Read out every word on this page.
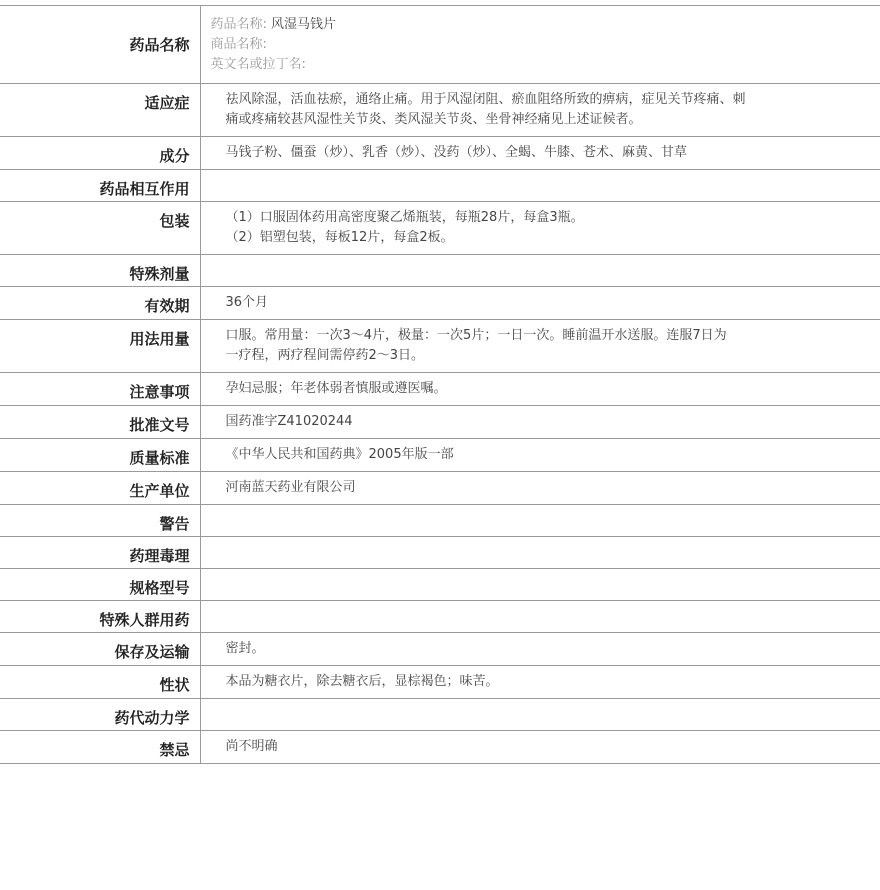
药品名称	药品名称: 风湿马钱片
商品名称:
英文名或拉丁名:

适应症	祛风除湿，活血祛瘀，通络止痛。用于风湿闭阻、瘀血阻络所致的痹病，症见关节疼痛、刺
痛或疼痛较甚风湿性关节炎、类风湿关节炎、坐骨神经痛见上述证候者。

成分	马钱子粉、僵蚕（炒）、乳香（炒）、没药（炒）、全蝎、牛膝、苍术、麻黄、甘草

药品相互作用	
包装	（1）口服固体药用高密度聚乙烯瓶装，每瓶28片，每盒3瓶。
（2）铝塑包装，每板12片，每盒2板。

特殊剂量	
有效期	36个月

用法用量	口服。常用量：一次3～4片，极量：一次5片；一日一次。睡前温开水送服。连服7日为
一疗程，两疗程间需停药2～3日。

注意事项	孕妇忌服；年老体弱者慎服或遵医嘱。

批准文号	国药准字Z41020244

质量标准	《中华人民共和国药典》2005年版一部

生产单位	河南蓝天药业有限公司

警告	
药理毒理	
规格型号	
特殊人群用药	
保存及运输	密封。

性状	本品为糖衣片，除去糖衣后，显棕褐色；味苦。

药代动力学	
禁忌	尚不明确
